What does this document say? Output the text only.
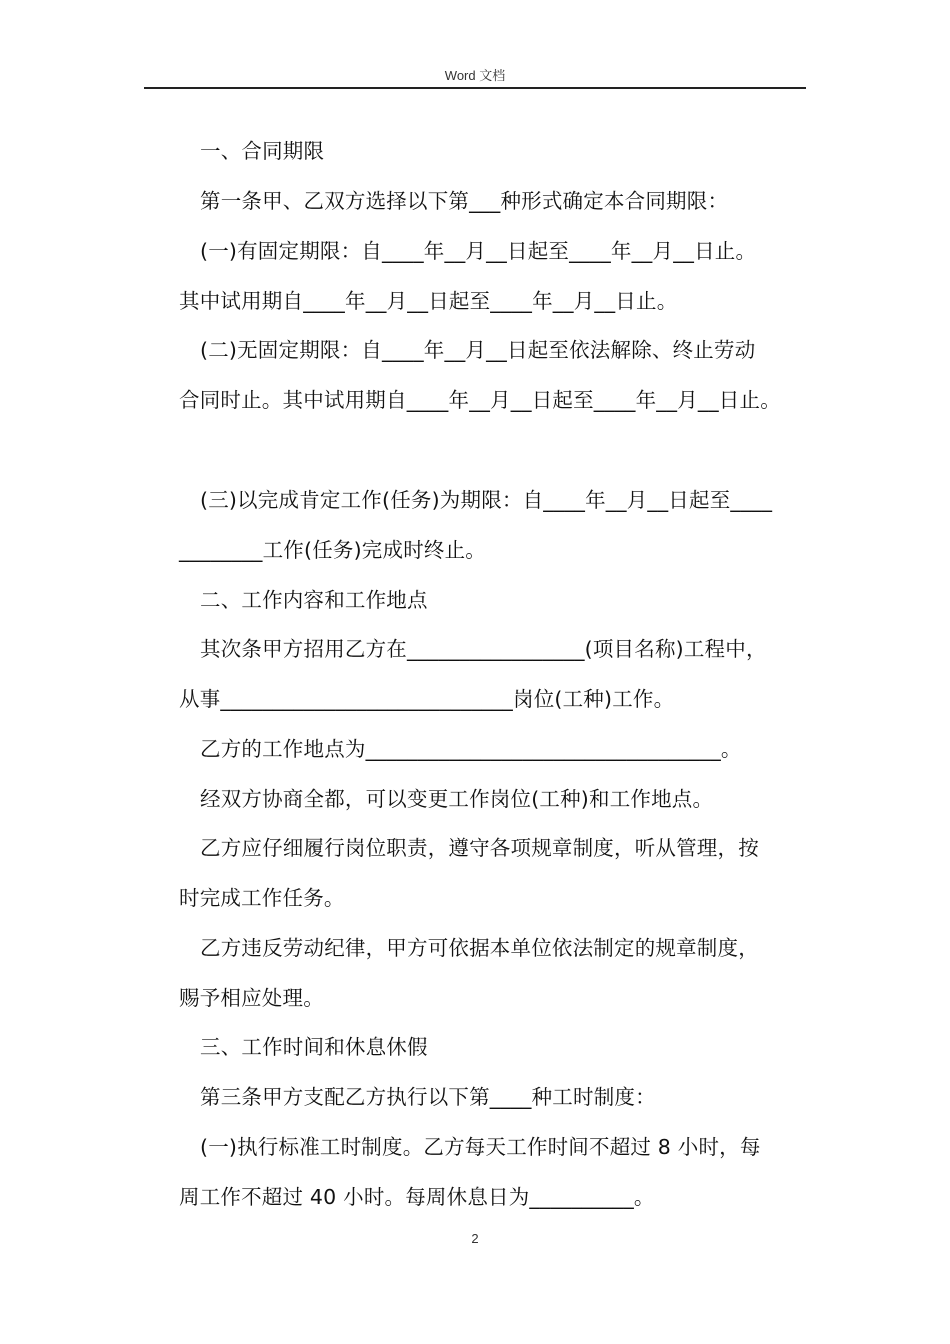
Word 文档
一、合同期限
第一条甲、乙双方选择以下第___种形式确定本合同期限：
(一)有固定期限：自____年__月__日起至____年__月__日止。
其中试用期自____年__月__日起至____年__月__日止。
(二)无固定期限：自____年__月__日起至依法解除、终止劳动
合同时止。其中试用期自____年__月__日起至____年__月__日止。
(三)以完成肯定工作(任务)为期限：自____年__月__日起至____
________工作(任务)完成时终止。
二、工作内容和工作地点
其次条甲方招用乙方在_________________(项目名称)工程中，
从事____________________________岗位(工种)工作。
乙方的工作地点为__________________________________。
经双方协商全都，可以变更工作岗位(工种)和工作地点。
乙方应仔细履行岗位职责，遵守各项规章制度，听从管理，按
时完成工作任务。
乙方违反劳动纪律，甲方可依据本单位依法制定的规章制度，
赐予相应处理。
三、工作时间和休息休假
第三条甲方支配乙方执行以下第____种工时制度：
(一)执行标准工时制度。乙方每天工作时间不超过 8 小时，每
周工作不超过 40 小时。每周休息日为__________。
2
